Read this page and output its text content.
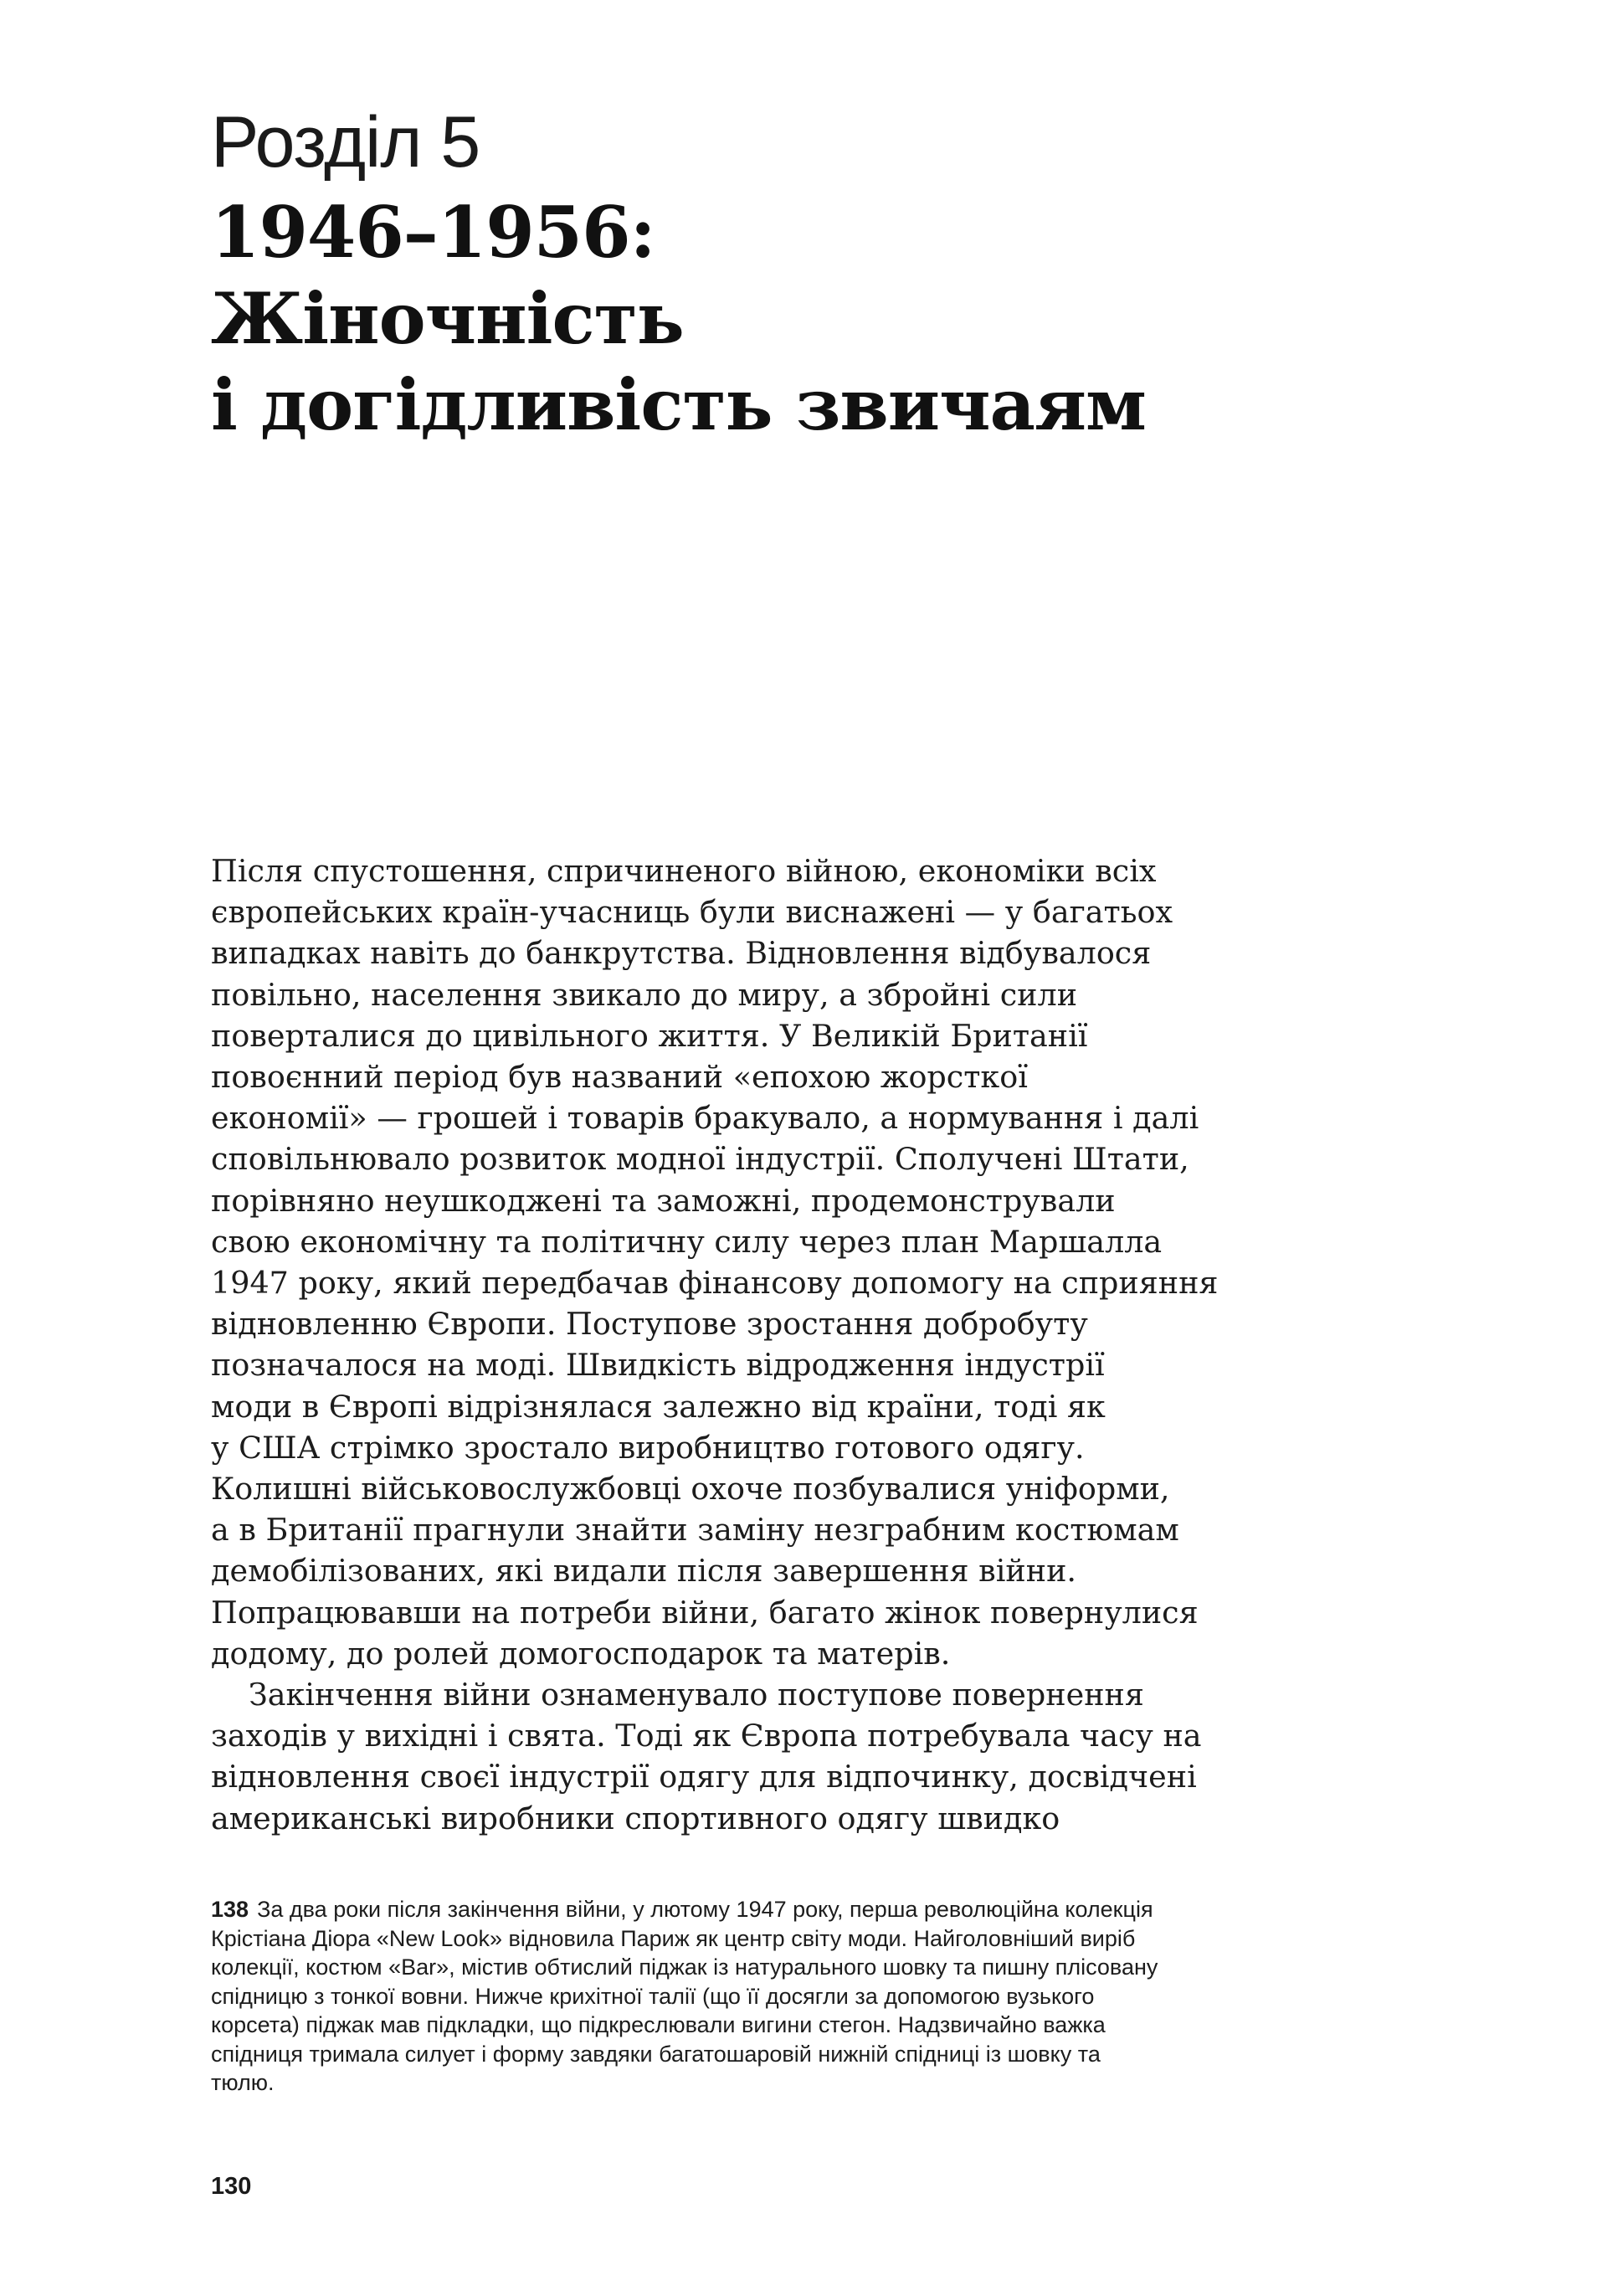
Розділ 5
1946–1956:
Жіночність
і догідливість звичаям
Після спустошення, спричиненого війною, економіки всіх
європейських країн-учасниць були виснажені — у багатьох
випадках навіть до банкрутства. Відновлення відбувалося
повільно, населення звикало до миру, а збройні сили
поверталися до цивільного життя. У Великій Британії
повоєнний період був названий «епохою жорсткої
економії» — грошей і товарів бракувало, а нормування і далі
сповільнювало розвиток модної індустрії. Сполучені Штати,
порівняно неушкоджені та заможні, продемонстрували
свою економічну та політичну силу через план Маршалла
1947 року, який передбачав фінансову допомогу на сприяння
відновленню Європи. Поступове зростання добробуту
позначалося на моді. Швидкість відродження індустрії
моди в Європі відрізнялася залежно від країни, тоді як
у США стрімко зростало виробництво готового одягу.
Колишні військовослужбовці охоче позбувалися уніформи,
а в Британії прагнули знайти заміну незграбним костюмам
демобілізованих, які видали після завершення війни.
Попрацювавши на потреби війни, багато жінок повернулися
додому, до ролей домогосподарок та матерів.
Закінчення війни ознаменувало поступове повернення
заходів у вихідні і свята. Тоді як Європа потребувала часу на
відновлення своєї індустрії одягу для відпочинку, досвідчені
американські виробники спортивного одягу швидко
138 За два роки після закінчення війни, у лютому 1947 року, перша революційна колекція
Крістіана Діора «New Look» відновила Париж як центр світу моди. Найголовніший виріб
колекції, костюм «Bar», містив обтислий піджак із натурального шовку та пишну плісовану
спідницю з тонкої вовни. Нижче крихітної талії (що її досягли за допомогою вузького
корсета) піджак мав підкладки, що підкреслювали вигини стегон. Надзвичайно важка
спідниця тримала силует і форму завдяки багатошаровій нижній спідниці із шовку та
тюлю.
130
